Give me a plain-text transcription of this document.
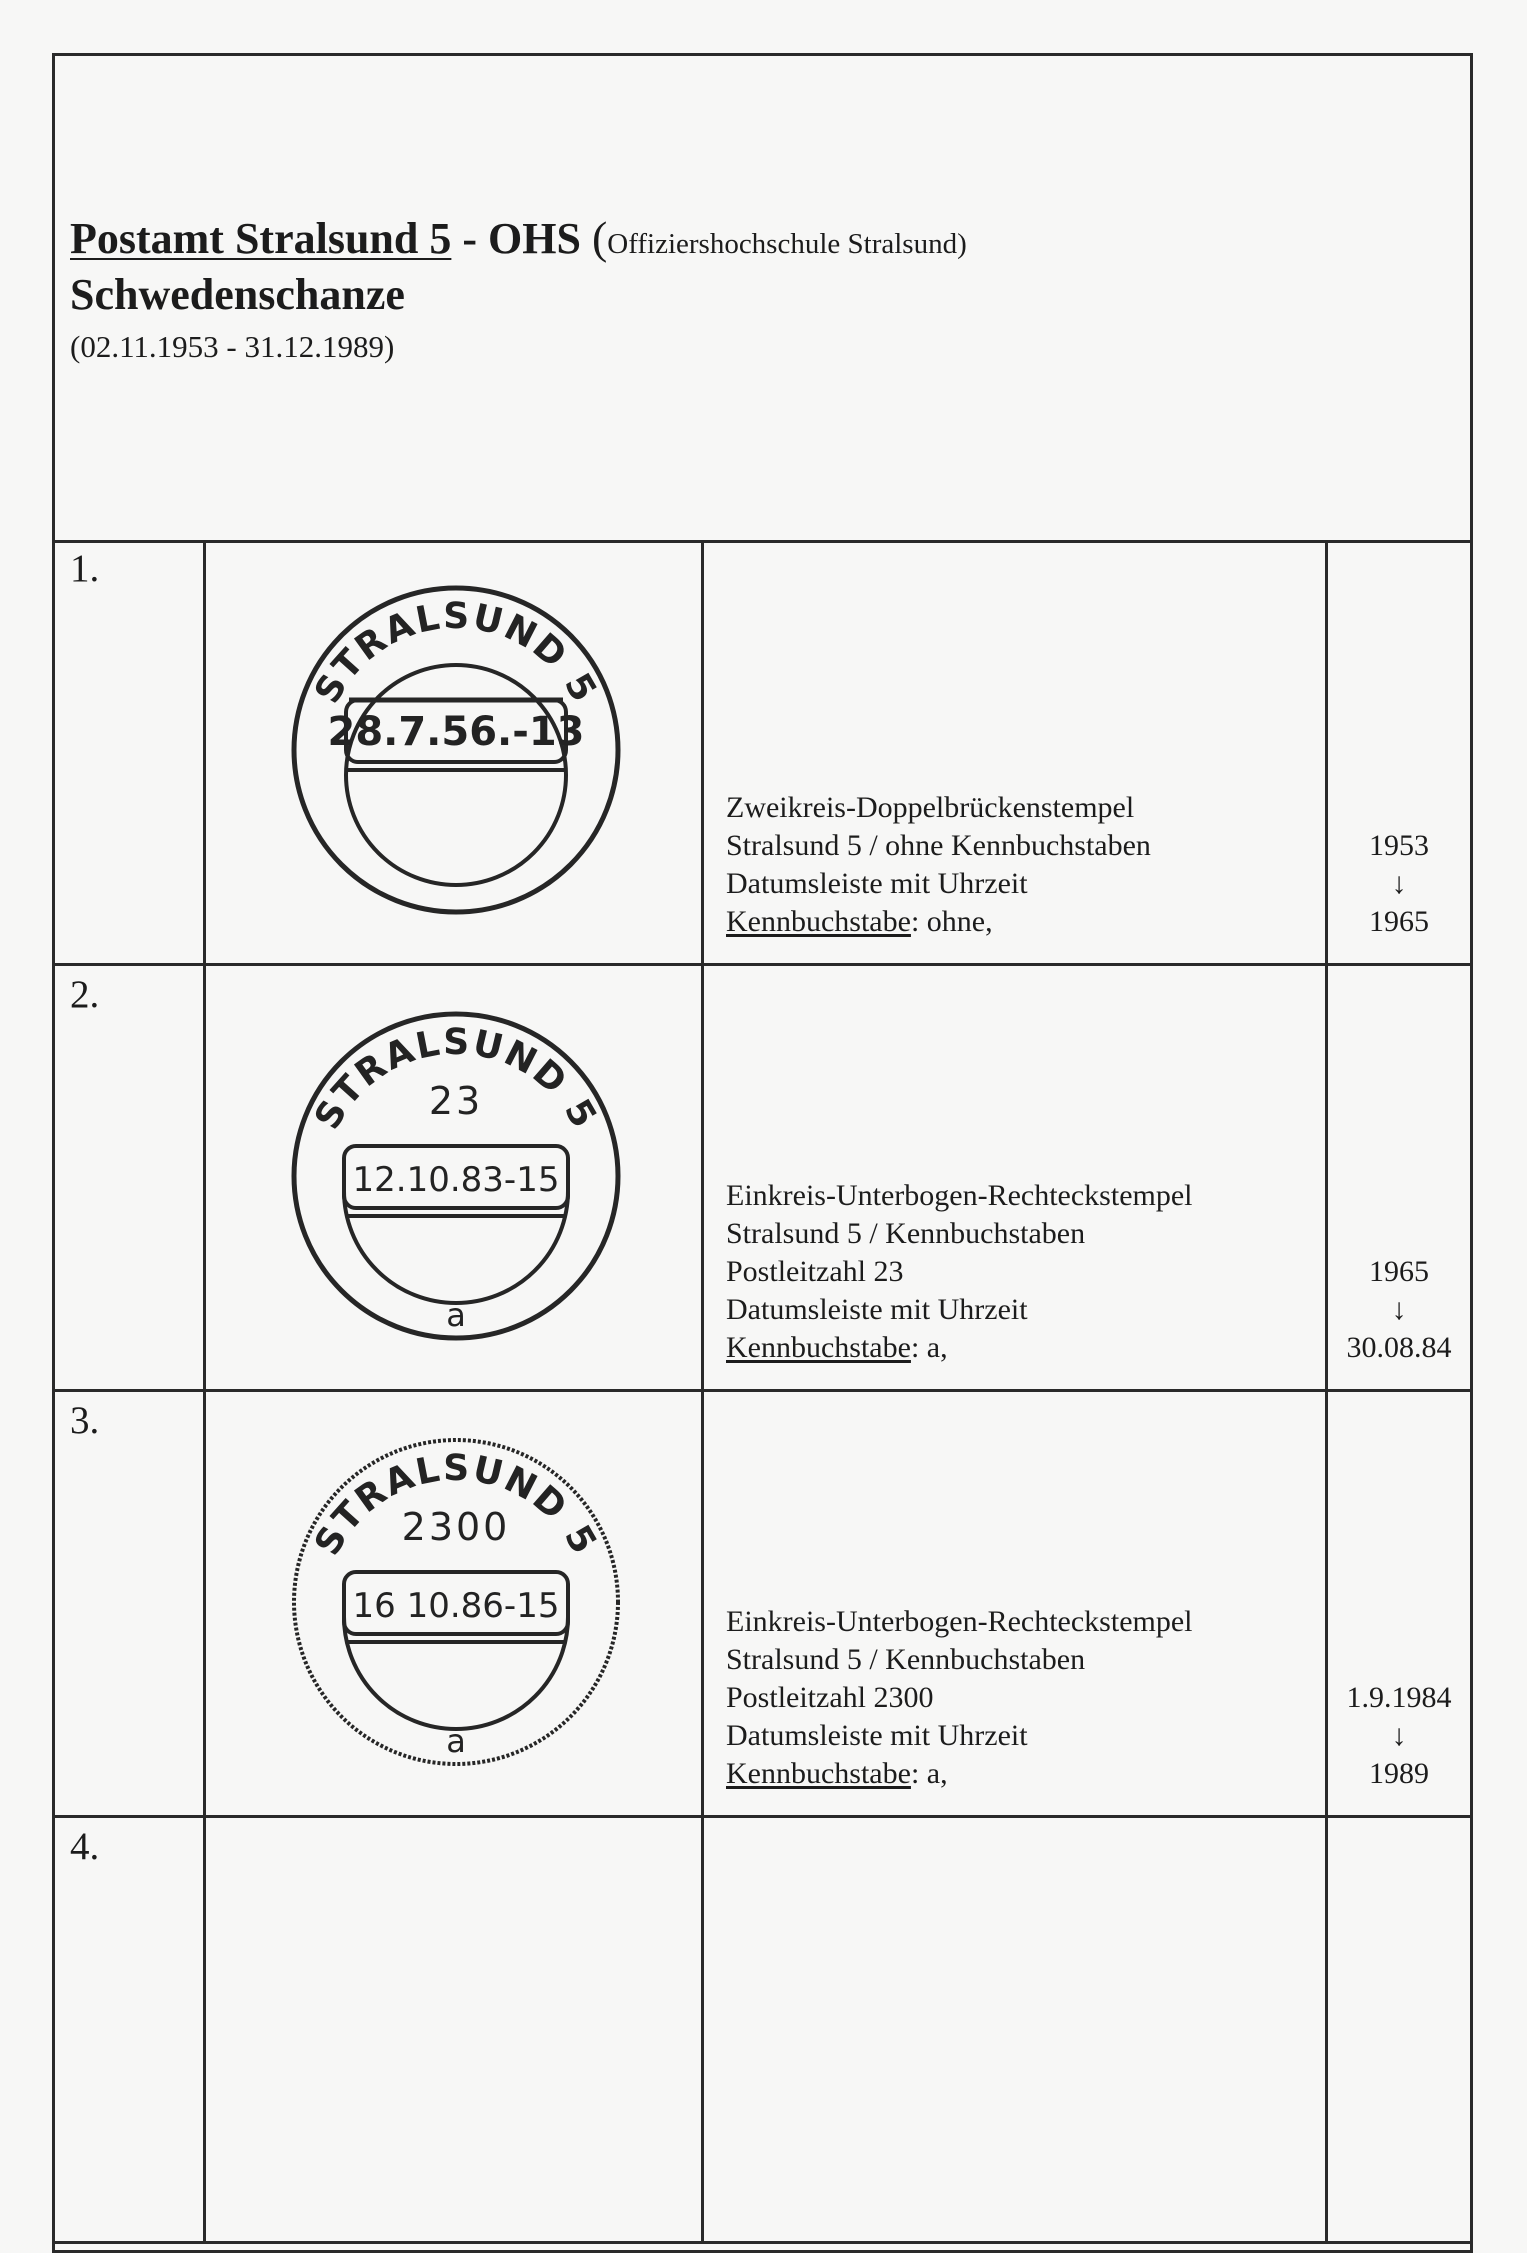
Postamt Stralsund 5 - OHS (Offiziershochschule Stralsund)
Schwedenschanze
(02.11.1953 - 31.12.1989)
1.
STRALSUND 5
28.7.56.-13
Zweikreis-Doppelbrückenstempel
Stralsund 5 / ohne Kennbuchstaben
Datumsleiste mit Uhrzeit
Kennbuchstabe: ohne,
1953
↓
1965
2.
STRALSUND 5
23
12.10.83-15
a
Einkreis-Unterbogen-Rechteckstempel
Stralsund 5 / Kennbuchstaben
Postleitzahl 23
Datumsleiste mit Uhrzeit
Kennbuchstabe: a,
1965
↓
30.08.84
3.
STRALSUND 5
2300
16 10.86-15
a
Einkreis-Unterbogen-Rechteckstempel
Stralsund 5 / Kennbuchstaben
Postleitzahl 2300
Datumsleiste mit Uhrzeit
Kennbuchstabe: a,
1.9.1984
↓
1989
4.
